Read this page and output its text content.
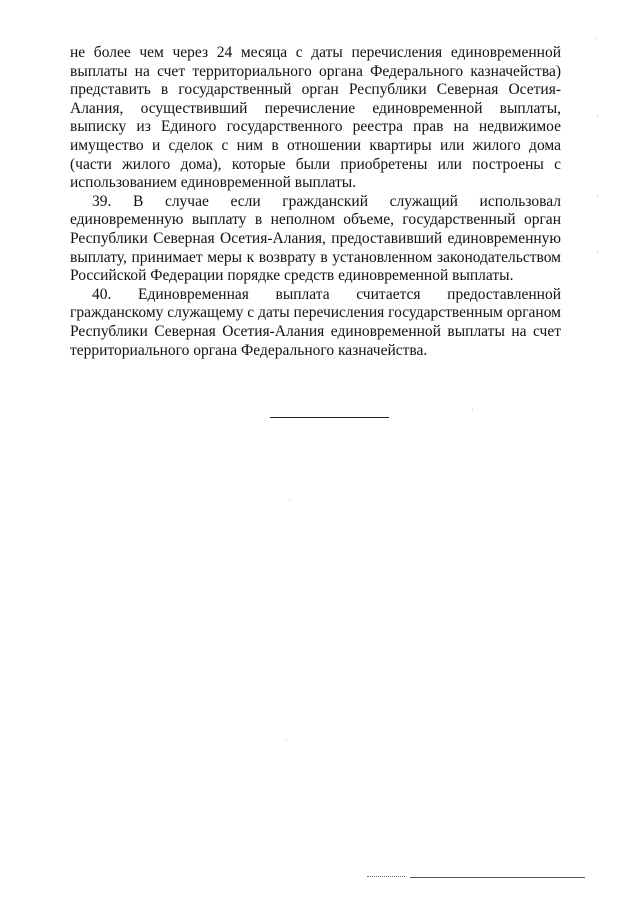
не более чем через 24 месяца с даты перечисления единовременной выплаты на счет территориального органа Федерального казначейства) представить в государственный орган Республики Северная Осетия-Алания, осуществивший перечисление единовременной выплаты, выписку из Единого государственного реестра прав на недвижимое имущество и сделок с ним в отношении квартиры или жилого дома (части жилого дома), которые были приобретены или построены с использованием единовременной выплаты.

39. В случае если гражданский служащий использовал единовременную выплату в неполном объеме, государственный орган Республики Северная Осетия-Алания, предоставивший единовременную выплату, принимает меры к возврату в установленном законодательством Российской Федерации порядке средств единовременной выплаты.

40. Единовременная выплата считается предоставленной гражданскому служащему с даты перечисления государственным органом Республики Северная Осетия-Алания единовременной выплаты на счет территориального органа Федерального казначейства.
